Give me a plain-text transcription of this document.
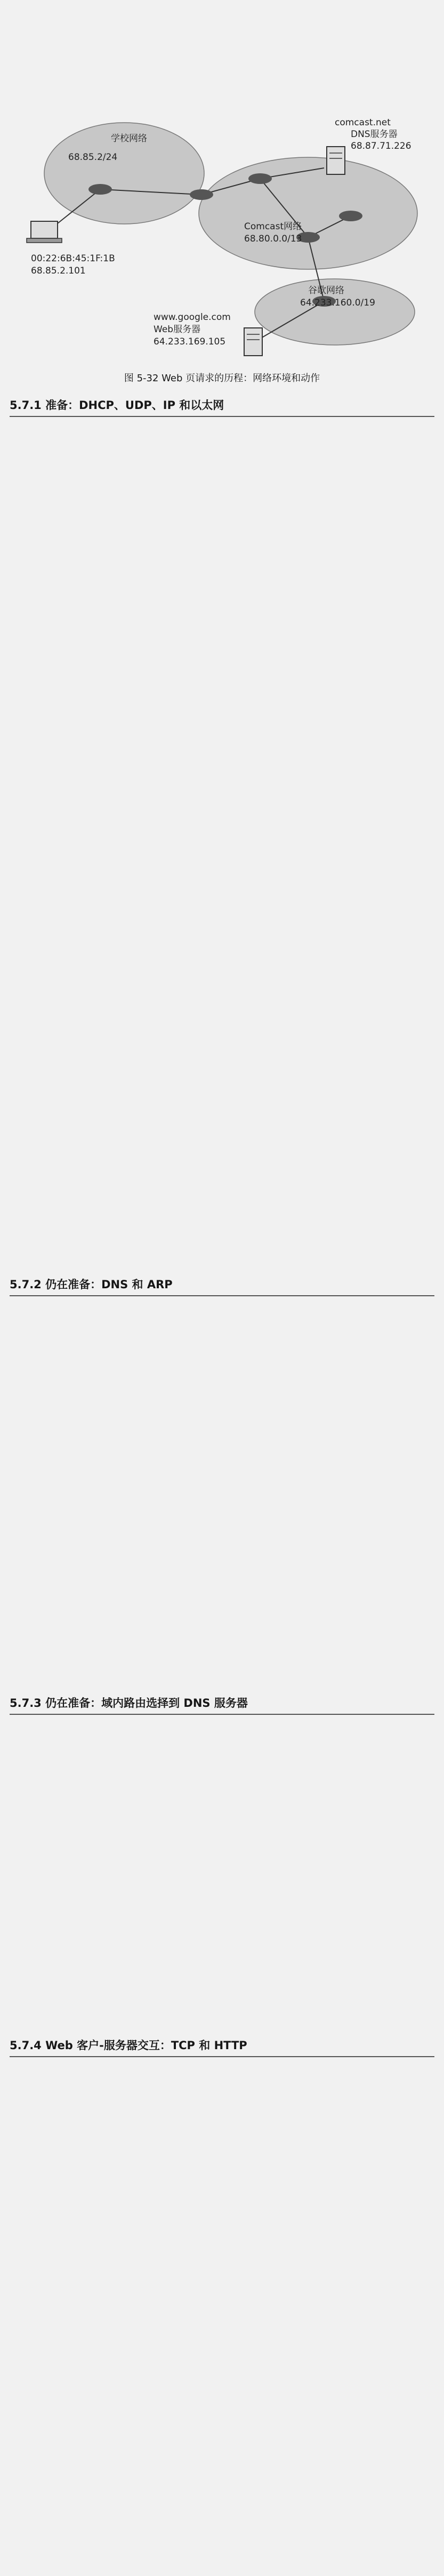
学校网络
68.85.2/24
comcast.net
DNS服务器
68.87.71.226
Comcast网络
68.80.0.0/13
谷歌网络
64.233.160.0/19
00:22:6B:45:1F:1B
68.85.2.101
www.google.com
Web服务器
64.233.169.105
图 5-32 Web 页请求的历程：网络环境和动作
5.7.1 准备：DHCP、UDP、IP 和以太网

5.7.2 仍在准备：DNS 和 ARP

5.7.3 仍在准备：域内路由选择到 DNS 服务器

5.7.4 Web 客户-服务器交互：TCP 和 HTTP
